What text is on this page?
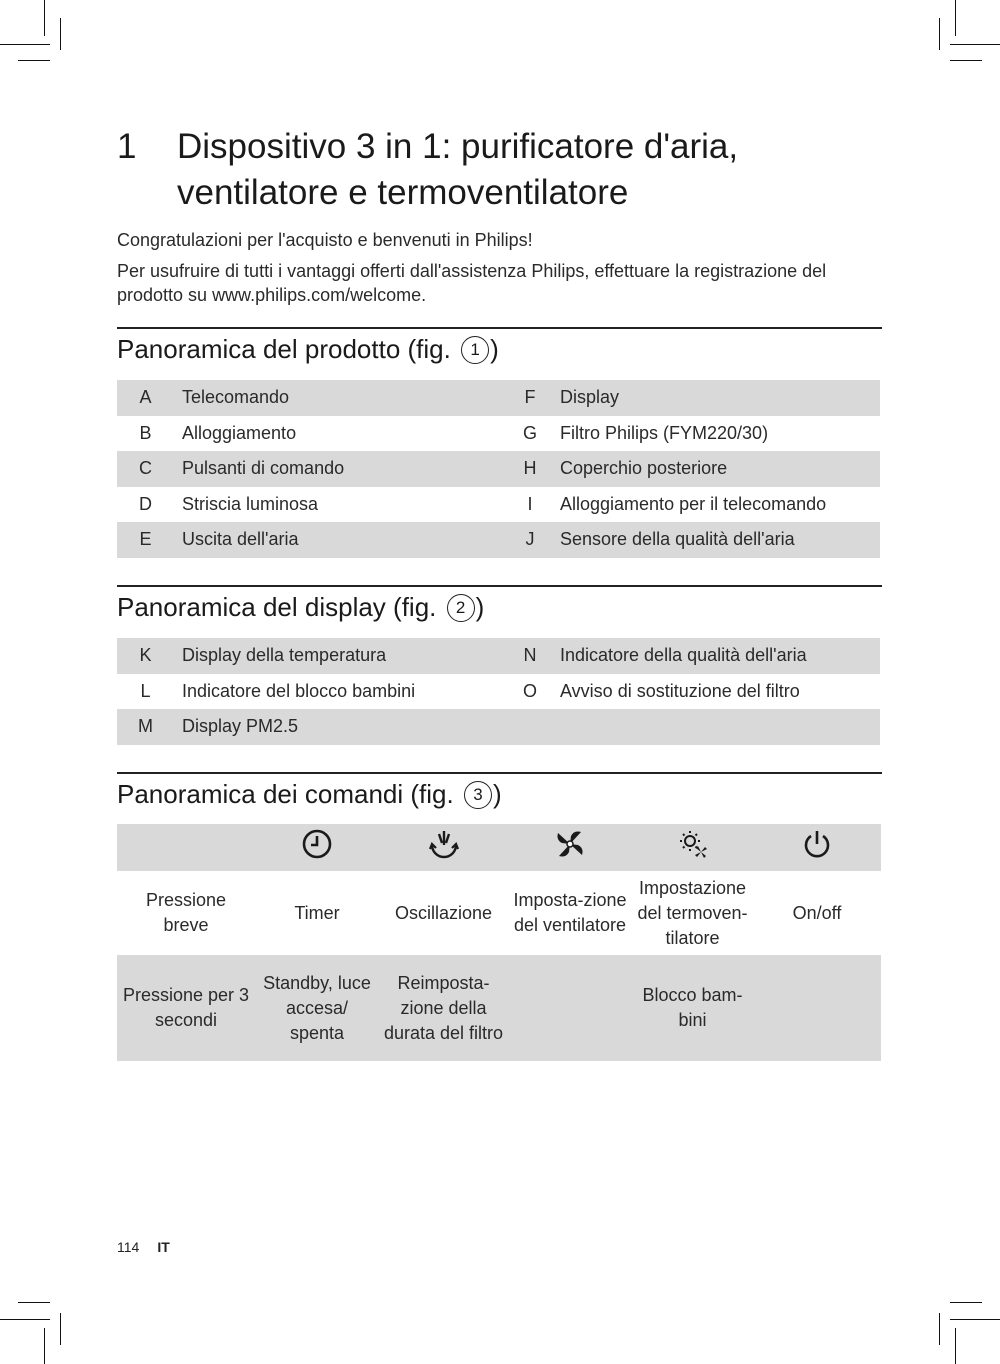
1 Dispositivo 3 in 1: purificatore d'aria,
ventilatore e termoventilatore
Congratulazioni per l'acquisto e benvenuti in Philips!
Per usufruire di tutti i vantaggi offerti dall'assistenza Philips, effettuare la registrazione del prodotto su www.philips.com/welcome.
Panoramica del prodotto (fig. 1 )
A	Telecomando	F	Display
B	Alloggiamento	G	Filtro Philips (FYM220/30)
C	Pulsanti di comando	H	Coperchio posteriore
D	Striscia luminosa	I	Alloggiamento per il telecomando
E	Uscita dell'aria	J	Sensore della qualità dell'aria
Panoramica del display (fig. 2 )
K	Display della temperatura	N	Indicatore della qualità dell'aria
L	Indicatore del blocco bambini	O	Avviso di sostituzione del filtro
M	Display PM2.5		
Panoramica dei comandi (fig. 3 )

Pressione breve	Timer	Oscillazione	Imposta-zione del ventilatore	Impostazione del termoven-tilatore	On/off
Pressione per 3 secondi	Standby, luce accesa/ spenta	Reimposta-zione della durata del filtro		Blocco bam-bini	
114 IT
